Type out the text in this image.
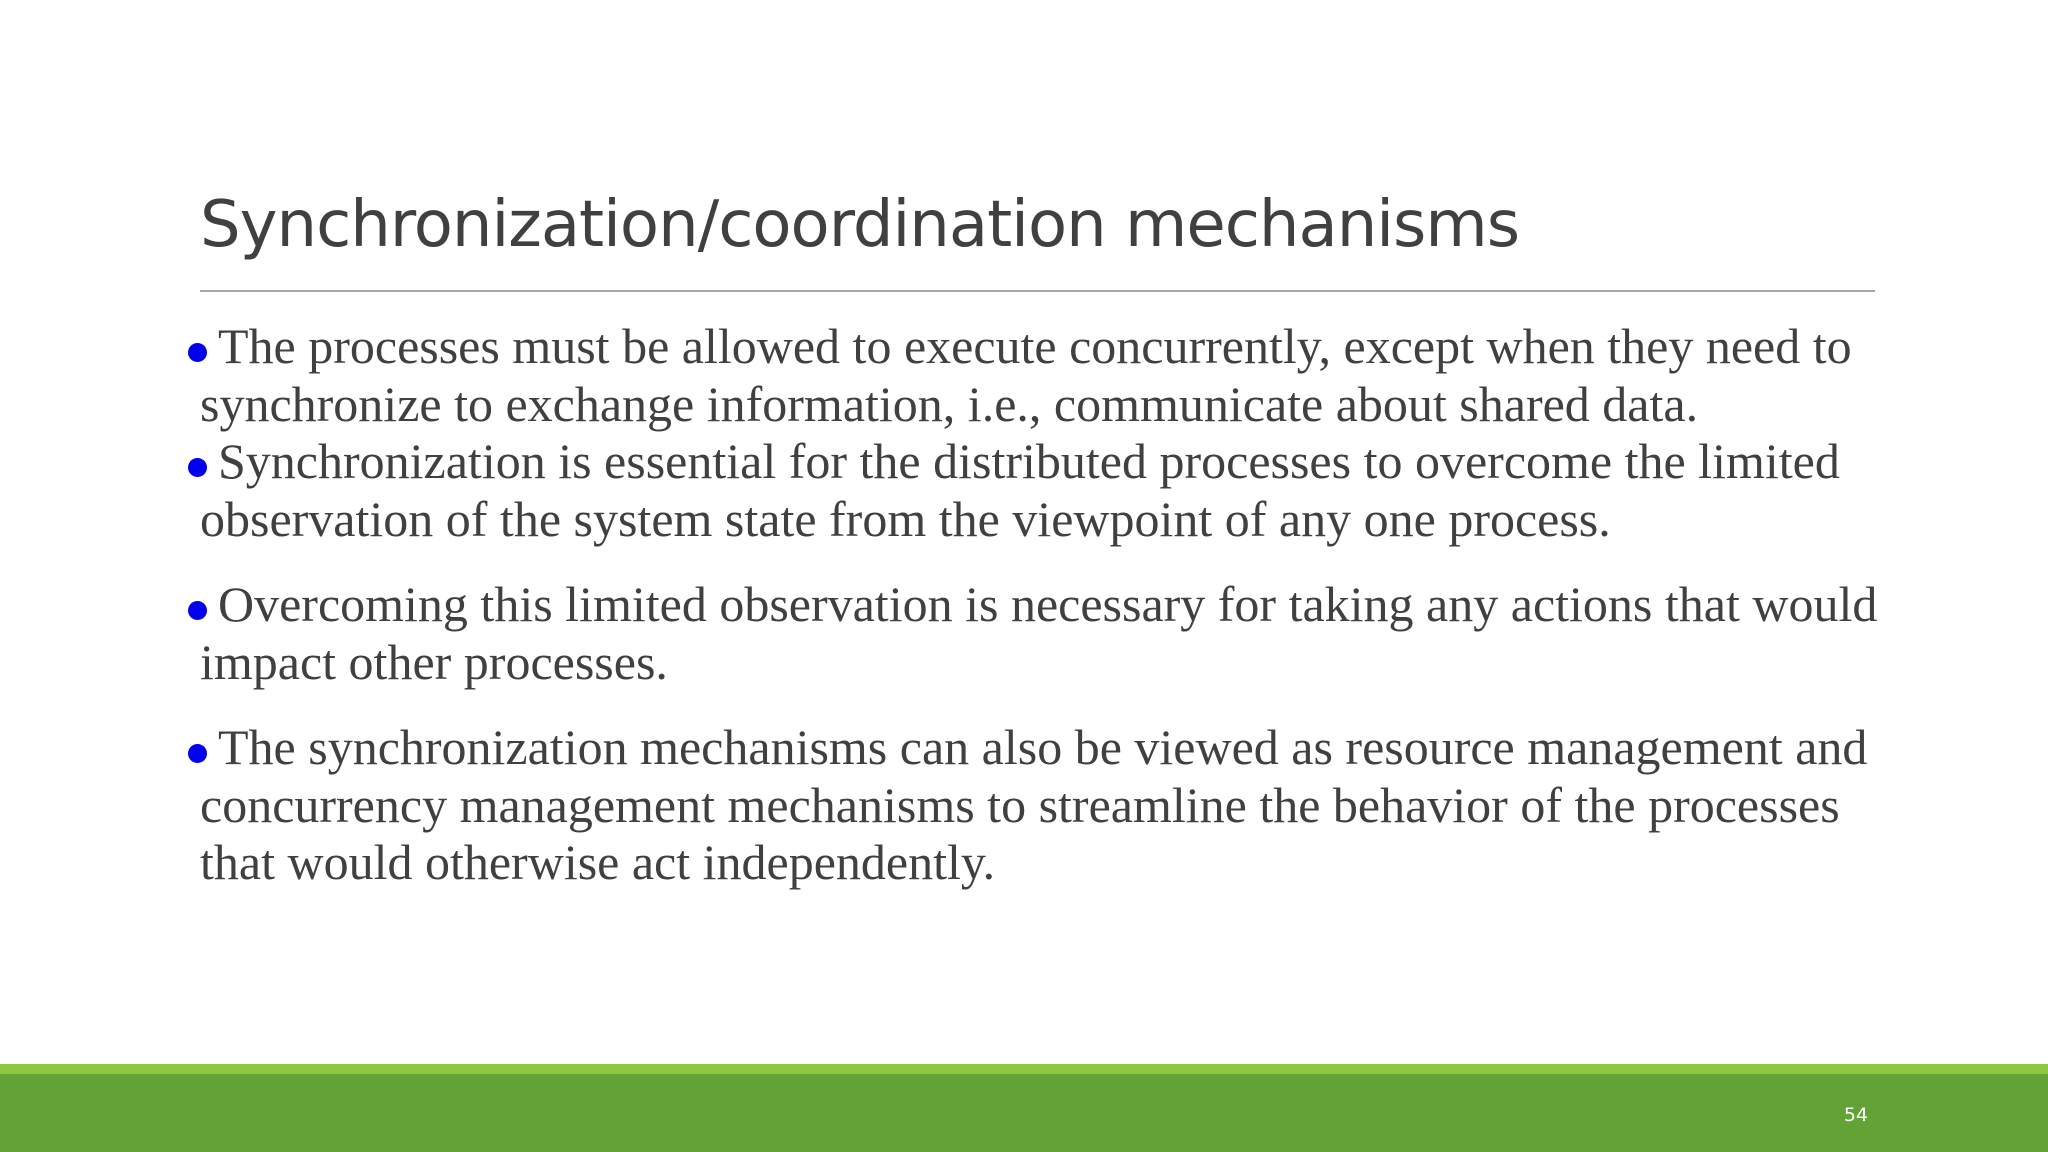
Synchronization/coordination mechanisms
The processes must be allowed to execute concurrently, except when they need to synchronize to exchange information, i.e., communicate about shared data.
Synchronization is essential for the distributed processes to overcome the limited observation of the system state from the viewpoint of any one process.
Overcoming this limited observation is necessary for taking any actions that would impact other processes.
The synchronization mechanisms can also be viewed as resource management and concurrency management mechanisms to streamline the behavior of the processes that would otherwise act independently.
54
